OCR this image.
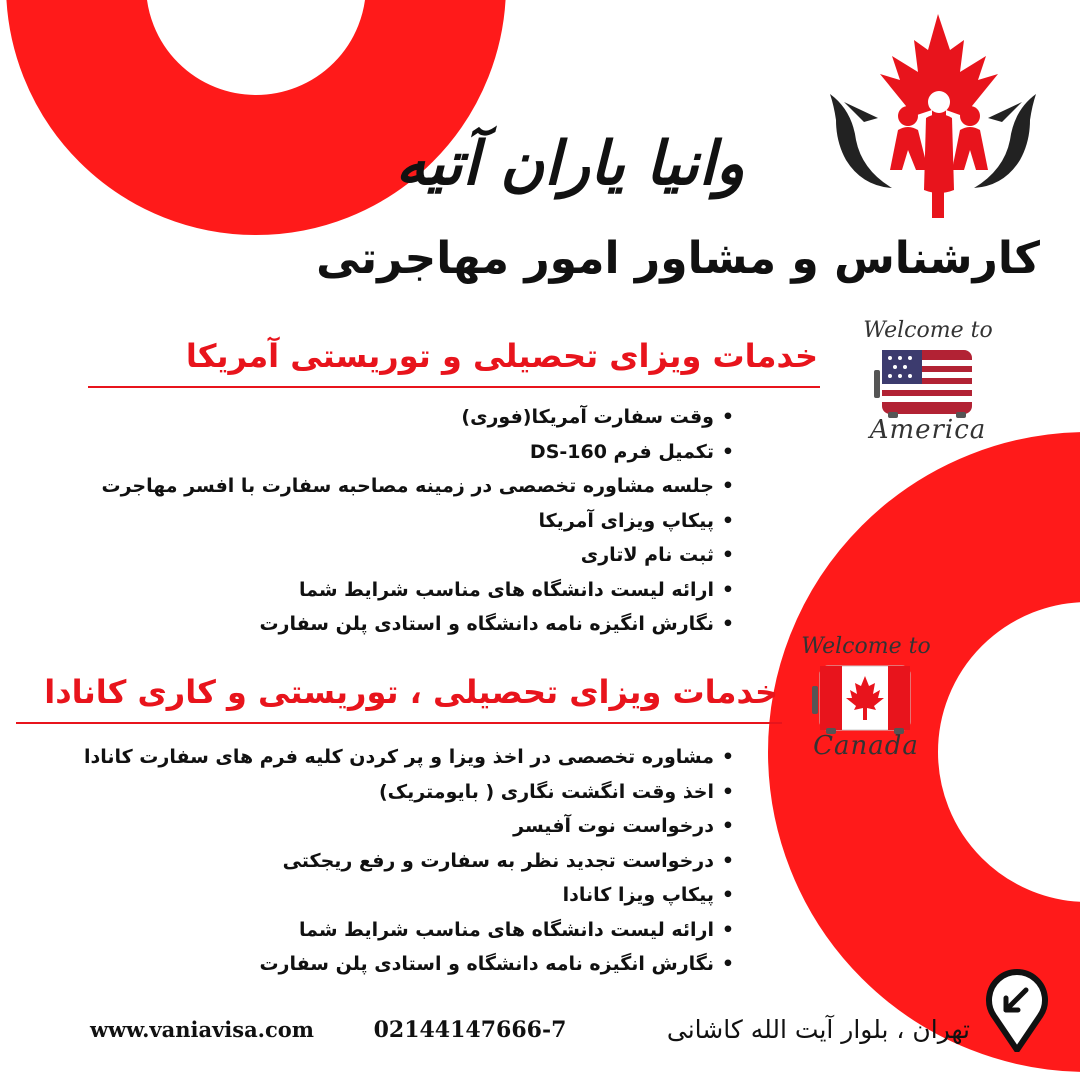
وانیا یاران آتیه
کارشناس و مشاور امور مهاجرتی
خدمات ویزای تحصیلی و توریستی آمریکا
Welcome to
America
• وقت سفارت آمریکا(فوری)
• تکمیل فرم DS-160
• جلسه مشاوره تخصصی در زمینه مصاحبه سفارت با افسر مهاجرت
• پیکاپ ویزای آمریکا
• ثبت نام لاتاری
• ارائه لیست دانشگاه های مناسب شرایط شما
• نگارش انگیزه نامه دانشگاه و استادی پلن سفارت
خدمات ویزای تحصیلی ، توریستی و کاری کانادا
Welcome to
Canada
• مشاوره تخصصی در اخذ ویزا و پر کردن کلیه فرم های سفارت کانادا
• اخذ وقت انگشت نگاری ( بایومتریک)
• درخواست نوت آفیسر
• درخواست تجدید نظر به سفارت و رفع ریجکتی
• پیکاپ ویزا کانادا
• ارائه لیست دانشگاه های مناسب شرایط شما
• نگارش انگیزه نامه دانشگاه و استادی پلن سفارت
تهران ، بلوار آیت الله کاشانی
02144147666-7
www.vaniavisa.com
